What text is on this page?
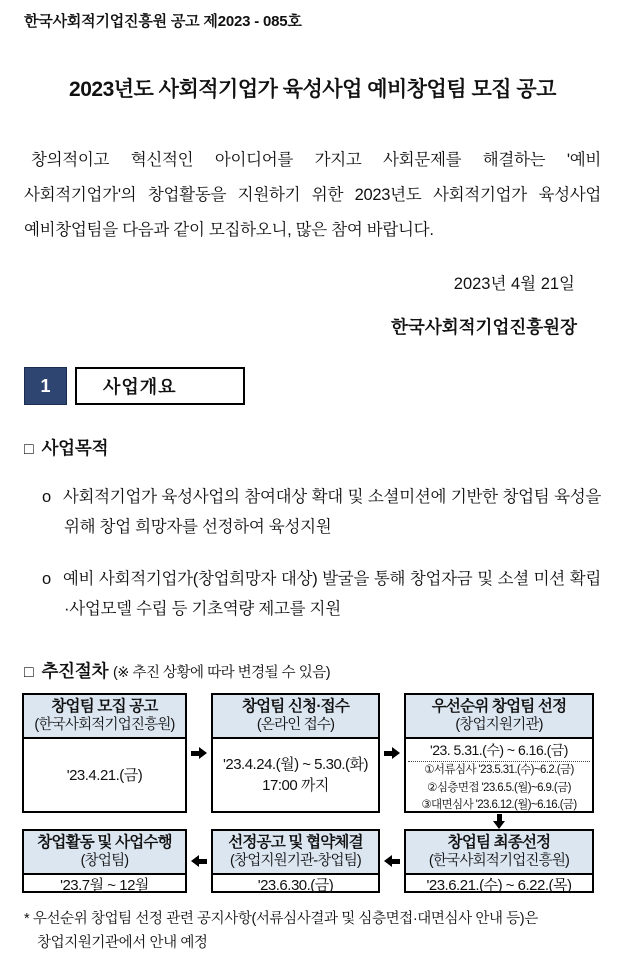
한국사회적기업진흥원 공고 제2023 - 085호
2023년도 사회적기업가 육성사업 예비창업팀 모집 공고
창의적이고 혁신적인 아이디어를 가지고 사회문제를 해결하는 '예비 사회적기업가'의 창업활동을 지원하기 위한 2023년도 사회적기업가 육성사업 예비창업팀을 다음과 같이 모집하오니, 많은 참여 바랍니다.
2023년 4월 21일
한국사회적기업진흥원장
1	사업개요
□ 사업목적
o 사회적기업가 육성사업의 참여대상 확대 및 소셜미션에 기반한 창업팀 육성을 위해 창업 희망자를 선정하여 육성지원
o 예비 사회적기업가(창업희망자 대상) 발굴을 통해 창업자금 및 소셜 미션 확립·사업모델 수립 등 기초역량 제고를 지원
□ 추진절차 (※ 추진 상황에 따라 변경될 수 있음)
창업팀 모집 공고
(한국사회적기업진흥원)
'23.4.21.(금)
창업팀 신청·접수
(온라인 접수)
'23.4.24.(월) ~ 5.30.(화)
17:00 까지
우선순위 창업팀 선정
(창업지원기관)
'23. 5.31.(수) ~ 6.16.(금)
①서류심사 '23.5.31.(수)~6.2.(금)
②심층면접 '23.6.5.(월)~6.9.(금)
③대면심사 '23.6.12.(월)~6.16.(금)
창업활동 및 사업수행
(창업팀)
'23.7월 ~ 12월
선정공고 및 협약체결
(창업지원기관-창업팀)
'23.6.30.(금)
창업팀 최종선정
(한국사회적기업진흥원)
'23.6.21.(수) ~ 6.22.(목)
* 우선순위 창업팀 선정 관련 공지사항(서류심사결과 및 심층면접·대면심사 안내 등)은
창업지원기관에서 안내 예정
